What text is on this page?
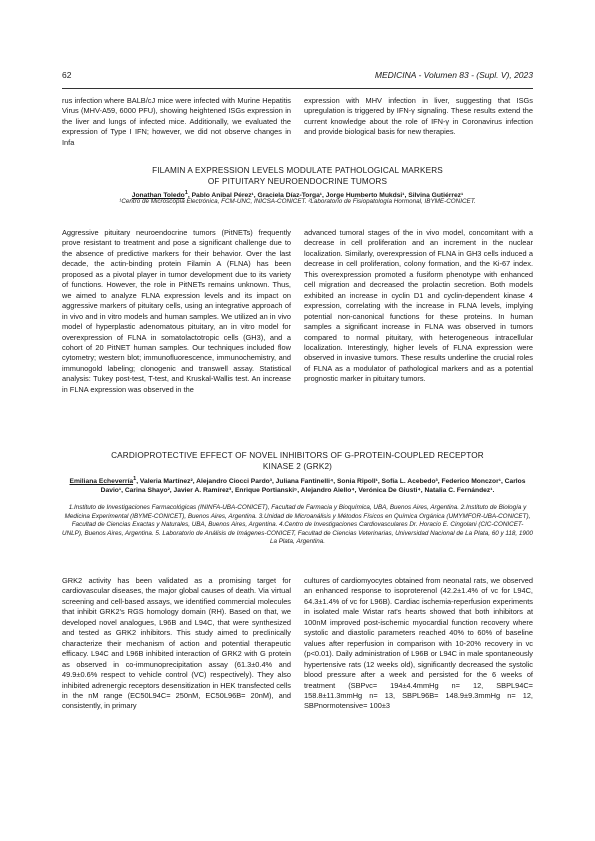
62	MEDICINA - Volumen 83 - (Supl. V), 2023
rus infection where BALB/cJ mice were infected with Murine Hepatitis Virus (MHV-A59, 6000 PFU), showing heightened ISGs expression in the liver and lungs of infected mice. Additionally, we evaluated the expression of Type I IFN; however, we did not observe changes in Infa
expression with MHV infection in liver, suggesting that ISGs upregulation is triggered by IFN-γ signaling. These results extend the current knowledge about the role of IFN-γ in Coronavirus infection and provide biological basis for new therapies.
FILAMIN A EXPRESSION LEVELS MODULATE PATHOLOGICAL MARKERS
OF PITUITARY NEUROENDOCRINE TUMORS
Jonathan Toledo$^1$, Pablo Anibal Pérez¹, Graciela Díaz-Torga¹, Jorge Humberto Mukdsi¹, Silvina Gutiérrez¹
¹Centro de Microscopía Electrónica, FCM-UNC, INICSA-CONICET. ²Laboratorio de Fisiopatología Hormonal, IBYME-CONICET.
Aggressive pituitary neuroendocrine tumors (PitNETs) frequently prove resistant to treatment and pose a significant challenge due to the absence of predictive markers for their behavior. Over the last decade, the actin-binding protein Filamin A (FLNA) has been proposed as a pivotal player in tumor development due to its variety of functions. However, the role in PitNETs remains unknown. Thus, we aimed to analyze FLNA expression levels and its impact on aggressive markers of pituitary cells, using an integrative approach of in vivo and in vitro models and human samples. We utilized an in vivo model of hyperplastic adenomatous pituitary, an in vitro model for overexpression of FLNA in somatolactotropic cells (GH3), and a cohort of 20 PitNET human samples. Our techniques included flow cytometry; western blot; immunofluorescence, immunochemistry, and immunogold labeling; clonogenic and transwell assay. Statistical analysis: Tukey post-test, T-test, and Kruskal-Wallis test. An increase in FLNA expression was observed in the
advanced tumoral stages of the in vivo model, concomitant with a decrease in cell proliferation and an increment in the nuclear localization. Similarly, overexpression of FLNA in GH3 cells induced a decrease in cell proliferation, colony formation, and the Ki-67 index. This overexpression promoted a fusiform phenotype with enhanced cell migration and decreased the prolactin secretion. Both models exhibited an increase in cyclin D1 and cyclin-dependent kinase 4 expression, correlating with the increase in FLNA levels, implying potential non-canonical functions for these proteins. In human samples a significant increase in FLNA was observed in tumors compared to normal pituitary, with heterogeneous intracellular localization. Interestingly, higher levels of FLNA expression were observed in invasive tumors. These results underline the crucial roles of FLNA as a modulator of pathological markers and as a potential prognostic marker in pituitary tumors.
CARDIOPROTECTIVE EFFECT OF NOVEL INHIBITORS OF G-PROTEIN-COUPLED RECEPTOR
KINASE 2 (GRK2)
Emiliana Echeverría$^1$, Valeria Martínez², Alejandro Ciocci Pardo³, Juliana Fantinelli⁴, Sonia Ripoll¹, Sofía L. Acebedo³, Federico Monczor¹, Carlos Davio¹, Carina Shayo², Javier A. Ramírez³, Enrique Portianski⁵, Alejandro Aiello⁴, Verónica De Giusti⁴, Natalia C. Fernández¹.
1.Instituto de Investigaciones Farmacológicas (ININFA-UBA-CONICET), Facultad de Farmacia y Bioquímica, UBA, Buenos Aires, Argentina. 2.Instituto de Biología y Medicina Experimental (IBYME-CONICET), Buenos Aires, Argentina. 3.Unidad de Microanálisis y Métodos Físicos en Química Orgánica (UMYMFOR-UBA-CONICET), Facultad de Ciencias Exactas y Naturales, UBA, Buenos Aires, Argentina. 4.Centro de Investigaciones Cardiovasculares Dr. Horacio E. Cingolani (CIC-CONICET-UNLP), Buenos Aires, Argentina. 5. Laboratorio de Análisis de Imágenes-CONICET, Facultad de Ciencias Veterinarias, Universidad Nacional de La Plata, 60 y 118, 1900 La Plata, Argentina.
GRK2 activity has been validated as a promising target for cardiovascular diseases, the major global causes of death. Via virtual screening and cell-based assays, we identified commercial molecules that inhibit GRK2's RGS homology domain (RH). Based on that, we developed novel analogues, L96B and L94C, that were synthesized and tested as GRK2 inhibitors. This study aimed to preclinically characterize their mechanism of action and potential therapeutic efficacy. L94C and L96B inhibited interaction of GRK2 with G protein as observed in co-immunoprecipitation assay (61.3±0.4% and 49.9±0.6% respect to vehicle control (VC) respectively). They also inhibited adrenergic receptors desensitization in HEK transfected cells in the nM range (EC50L94C= 250nM, EC50L96B= 20nM), and consistently, in primary
cultures of cardiomyocytes obtained from neonatal rats, we observed an enhanced response to isoproterenol (42.2±1.4% of vc for L94C, 64.3±1.4% of vc for L96B). Cardiac ischemia-reperfusion experiments in isolated male Wistar rat's hearts showed that both inhibitors at 100nM improved post-ischemic myocardial function recovery where systolic and diastolic parameters reached 40% to 60% of baseline values after reperfusion in comparison with 10-20% recovery in vc (p<0.01). Daily administration of L96B or L94C in male spontaneously hypertensive rats (12 weeks old), significantly decreased the systolic blood pressure after a week and persisted for the 6 weeks of treatment (SBPvc= 194±4.4mmHg n= 12, SBPL94C= 158.8±11.3mmHg n= 13, SBPL96B= 148.9±9.3mmHg n= 12, SBPnormotensive= 100±3
